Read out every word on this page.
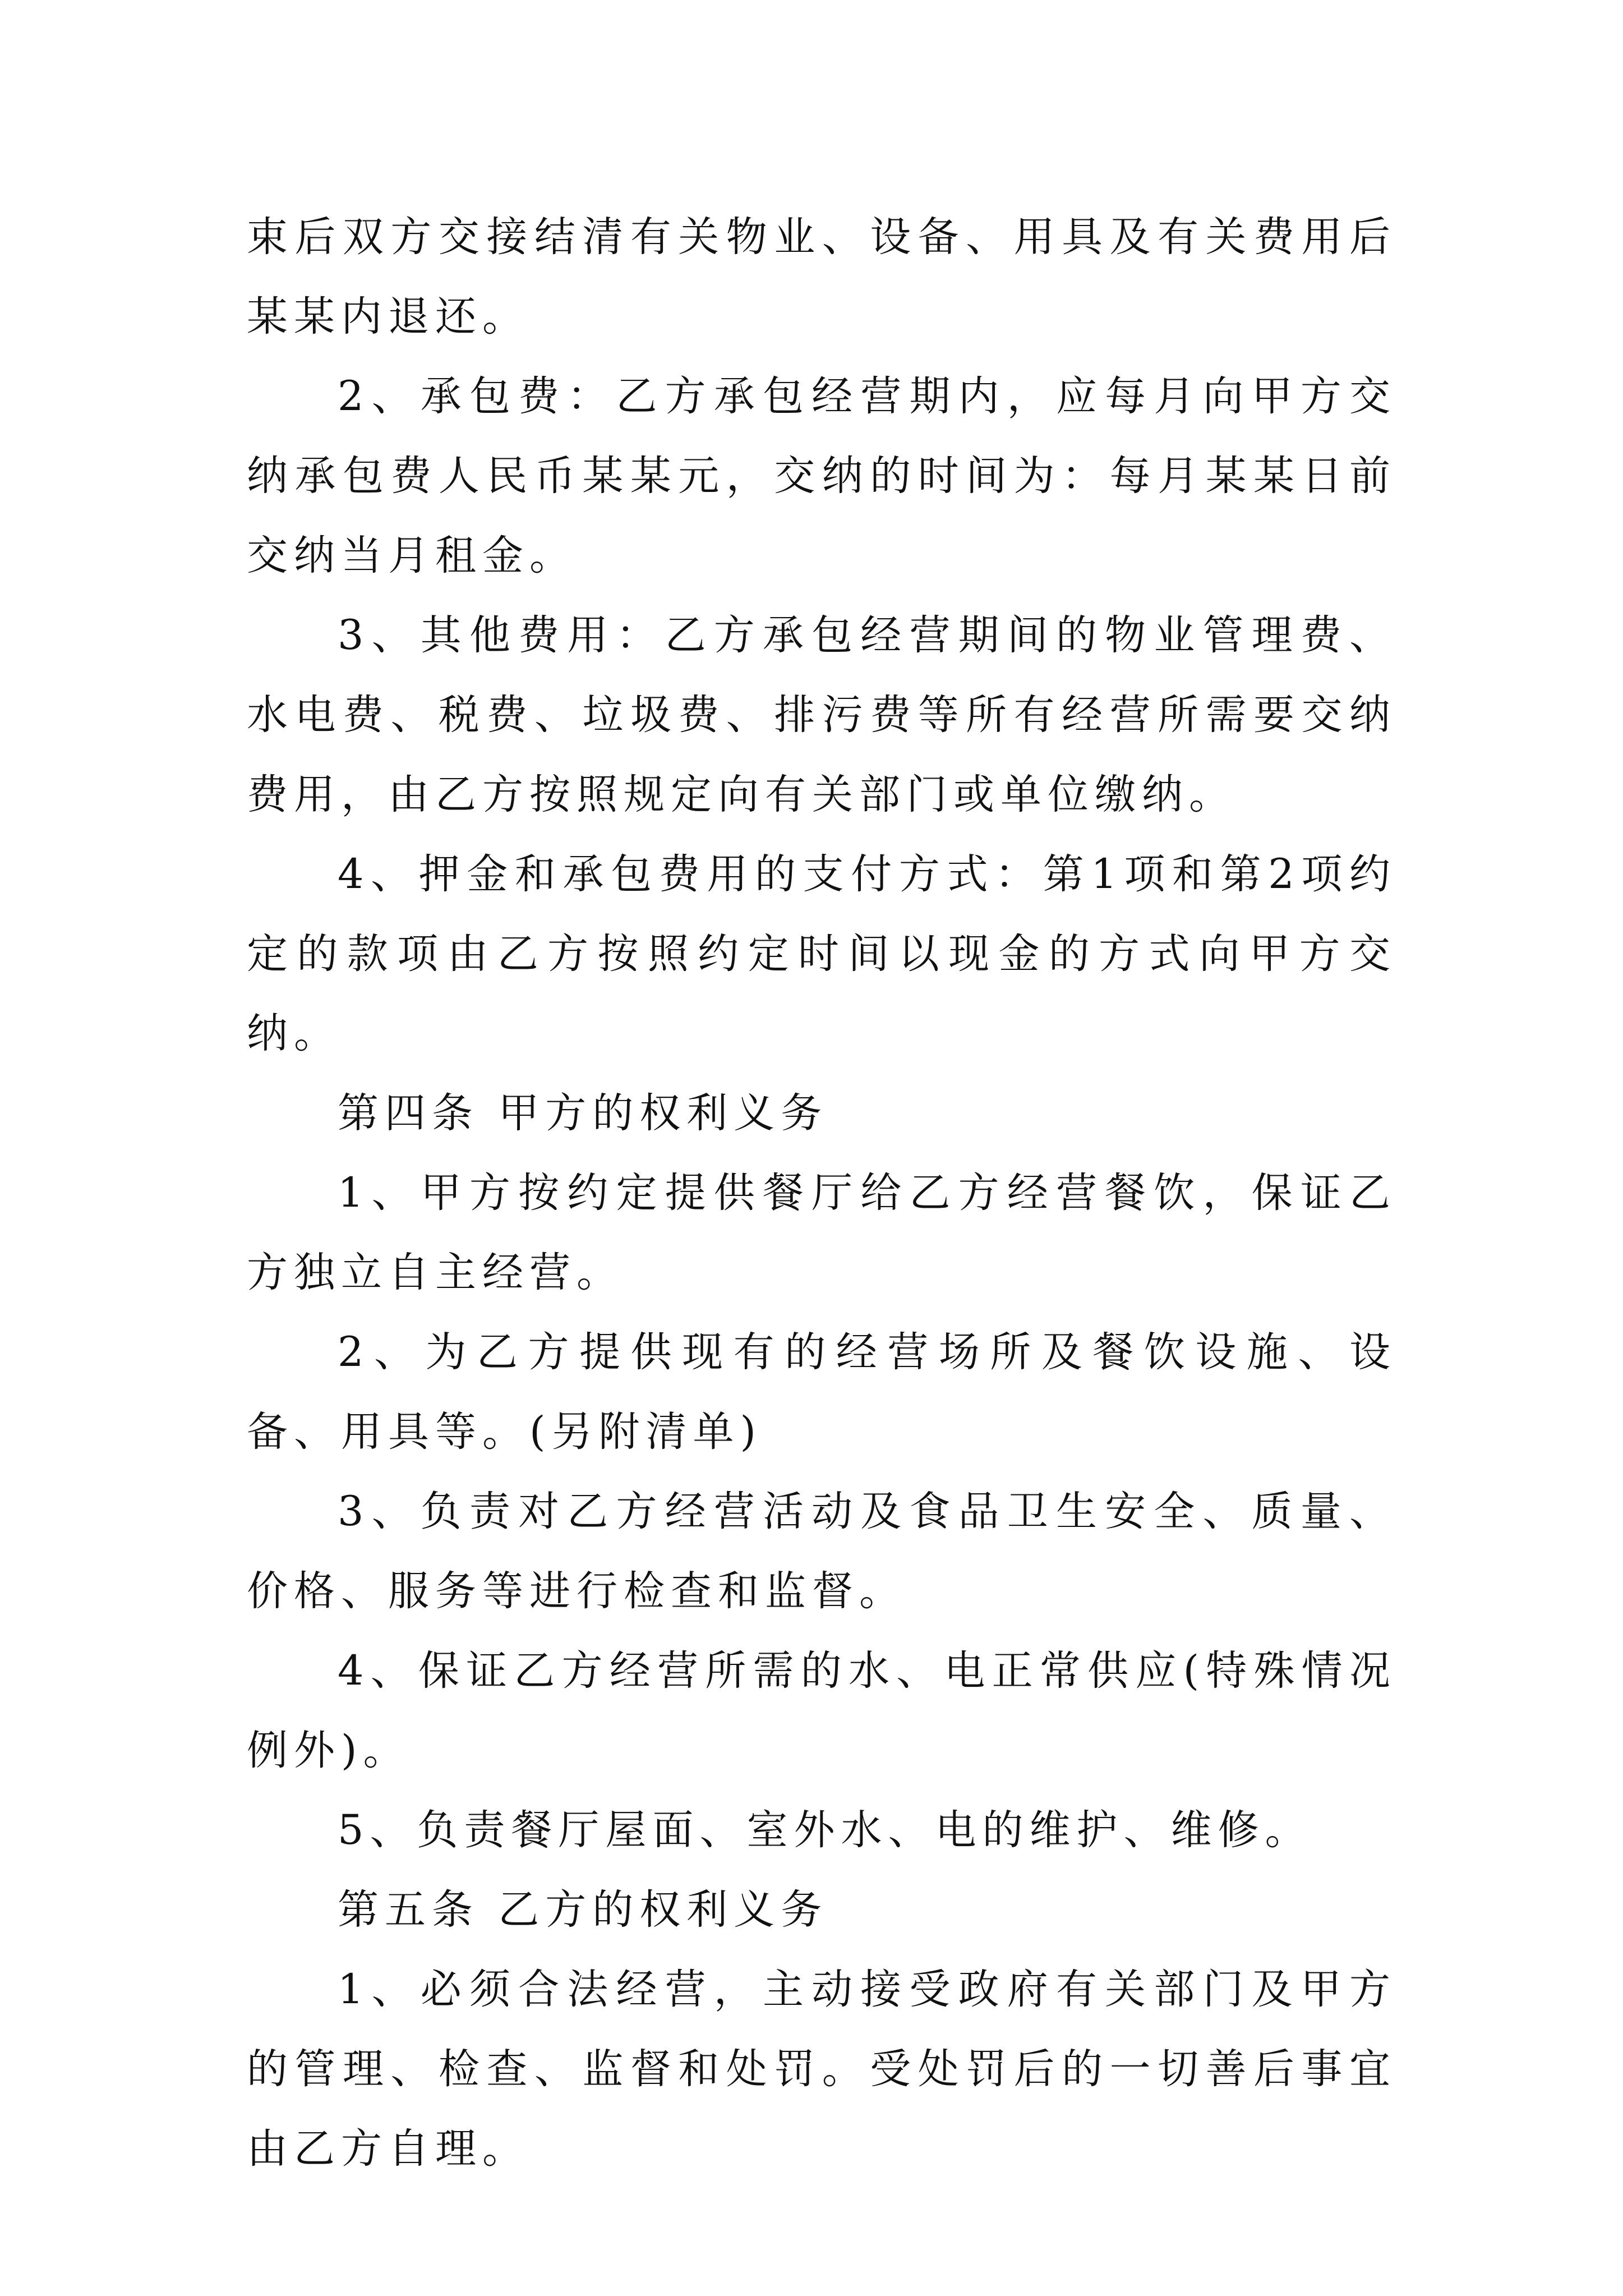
束后双方交接结清有关物业、设备、用具及有关费用后某某内退还。

2、承包费：乙方承包经营期内，应每月向甲方交纳承包费人民币某某元，交纳的时间为：每月某某日前交纳当月租金。

3、其他费用：乙方承包经营期间的物业管理费、水电费、税费、垃圾费、排污费等所有经营所需要交纳费用，由乙方按照规定向有关部门或单位缴纳。

4、押金和承包费用的支付方式：第1项和第2项约定的款项由乙方按照约定时间以现金的方式向甲方交纳。

第四条 甲方的权利义务

1、甲方按约定提供餐厅给乙方经营餐饮，保证乙方独立自主经营。

2、为乙方提供现有的经营场所及餐饮设施、设备、用具等。(另附清单)

3、负责对乙方经营活动及食品卫生安全、质量、价格、服务等进行检查和监督。

4、保证乙方经营所需的水、电正常供应(特殊情况例外)。

5、负责餐厅屋面、室外水、电的维护、维修。

第五条 乙方的权利义务

1、必须合法经营，主动接受政府有关部门及甲方的管理、检查、监督和处罚。受处罚后的一切善后事宜由乙方自理。
